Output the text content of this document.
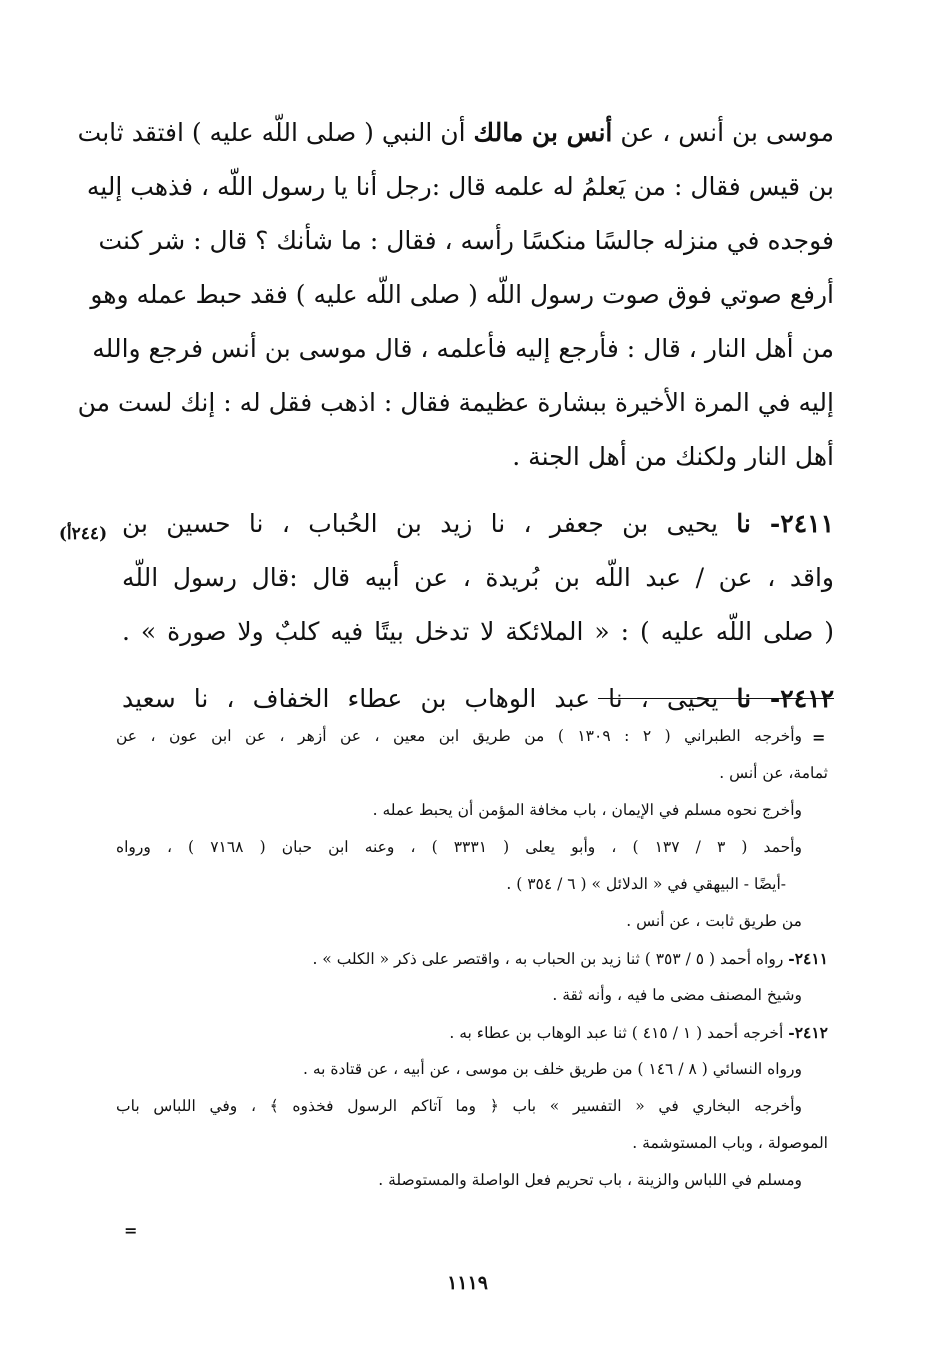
موسى بن أنس ، عن أنس بن مالك أن النبي ( صلى اللّه عليه ) افتقد ثابت
بن قيس فقال : من يَعلمُ له علمه قال :رجل أنا يا رسول اللّه ، فذهب إليه
فوجده في منزله جالسًا منكسًا رأسه ، فقال : ما شأنك ؟ قال : شر كنت
أرفع صوتي فوق صوت رسول اللّه ( صلى اللّه عليه ) فقد حبط عمله وهو
من أهل النار ، قال : فأرجع إليه فأعلمه ، قال موسى بن أنس فرجع والله
إليه في المرة الأخيرة ببشارة عظيمة فقال : اذهب فقل له : إنك لست من
أهل النار ولكنك من أهل الجنة .
٢٤١١- نا يحيى بن جعفر ، نا زيد بن الحُباب ، نا حسين بن
واقد ، عن / عبد اللّه بن بُريدة ، عن أبيه قال :قال رسول اللّه
( صلى اللّه عليه ) : « الملائكة لا تدخل بيتًا فيه كلبٌ ولا صورة » .
٢٤١٢- نا يحيى ، نا عبد الوهاب بن عطاء الخفاف ، نا سعيد
(٢٤٤أ)
=
=
وأخرجه الطبراني ( ٢ : ١٣٠٩ ) من طريق ابن معين ، عن أزهر ، عن ابن عون ، عن
ثمامة، عن أنس .
وأخرج نحوه مسلم في الإيمان ، باب مخافة المؤمن أن يحبط عمله .
وأحمد ( ٣ / ١٣٧ ) ، وأبو يعلى ( ٣٣٣١ ) ، وعنه ابن حبان ( ٧١٦٨ ) ، ورواه
-أيضًا - البيهقي في « الدلائل » ( ٦ / ٣٥٤ ) .
من طريق ثابت ، عن أنس .
٢٤١١- رواه أحمد ( ٥ / ٣٥٣ ) ثنا زيد بن الحباب به ، واقتصر على ذكر « الكلب » .
وشيخ المصنف مضى ما فيه ، وأنه ثقة .
٢٤١٢- أخرجه أحمد ( ١ / ٤١٥ ) ثنا عبد الوهاب بن عطاء به .
ورواه النسائي ( ٨ / ١٤٦ ) من طريق خلف بن موسى ، عن أبيه ، عن قتادة به .
وأخرجه البخاري في « التفسير » باب ﴿ وما آتاكم الرسول فخذوه ﴾ ، وفي اللباس باب
الموصولة ، وباب المستوشمة .
ومسلم في اللباس والزينة ، باب تحريم فعل الواصلة والمستوصلة .
١١١٩
